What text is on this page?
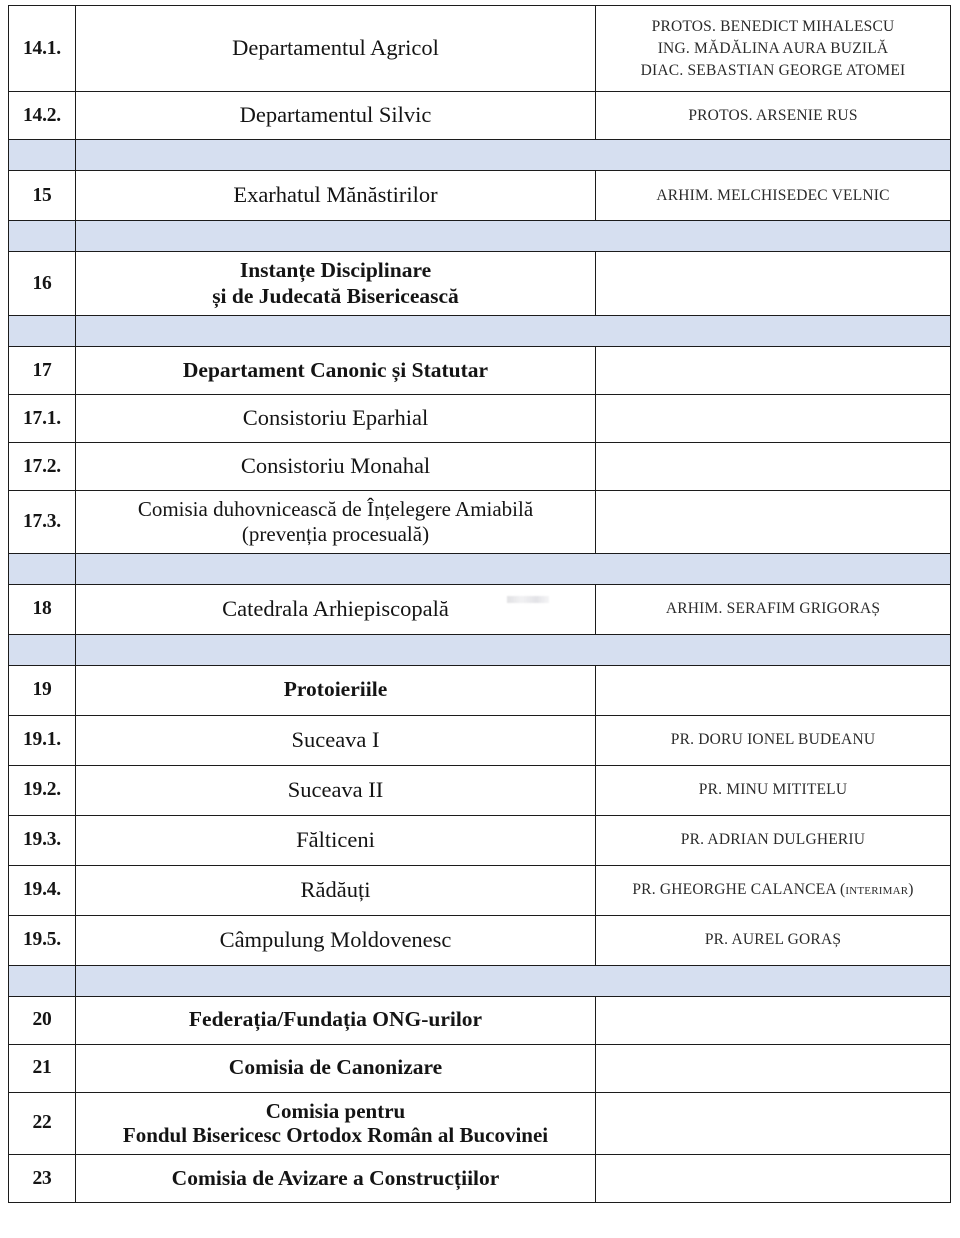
14.1.	Departamentul Agricol	PROTOS. BENEDICT MIHALESCU
ING. MĂDĂLINA AURA BUZILĂ
DIAC. SEBASTIAN GEORGE ATOMEI

14.2.	Departamentul Silvic	PROTOS. ARSENIE RUS

15	Exarhatul Mănăstirilor	ARHIM. MELCHISEDEC VELNIC

16	Instanțe Disciplinare
și de Judecată Bisericească	

17	Departament Canonic și Statutar	
17.1.	Consistoriu Eparhial	
17.2.	Consistoriu Monahal	
17.3.	Comisia duhovnicească de Înțelegere Amiabilă
(prevenția procesuală)	

18	Catedrala Arhiepiscopală	ARHIM. SERAFIM GRIGORAȘ

19	Protoieriile	
19.1.	Suceava I	PR. DORU IONEL BUDEANU

19.2.	Suceava II	PR. MINU MITITELU

19.3.	Fălticeni	PR. ADRIAN DULGHERIU

19.4.	Rădăuți	PR. GHEORGHE CALANCEA (interimar)

19.5.	Câmpulung Moldovenesc	PR. AUREL GORAȘ

20	Federația/Fundația ONG-urilor	
21	Comisia de Canonizare	
22	Comisia pentru
Fondul Bisericesc Ortodox Român al Bucovinei	

23	Comisia de Avizare a Construcțiilor	
